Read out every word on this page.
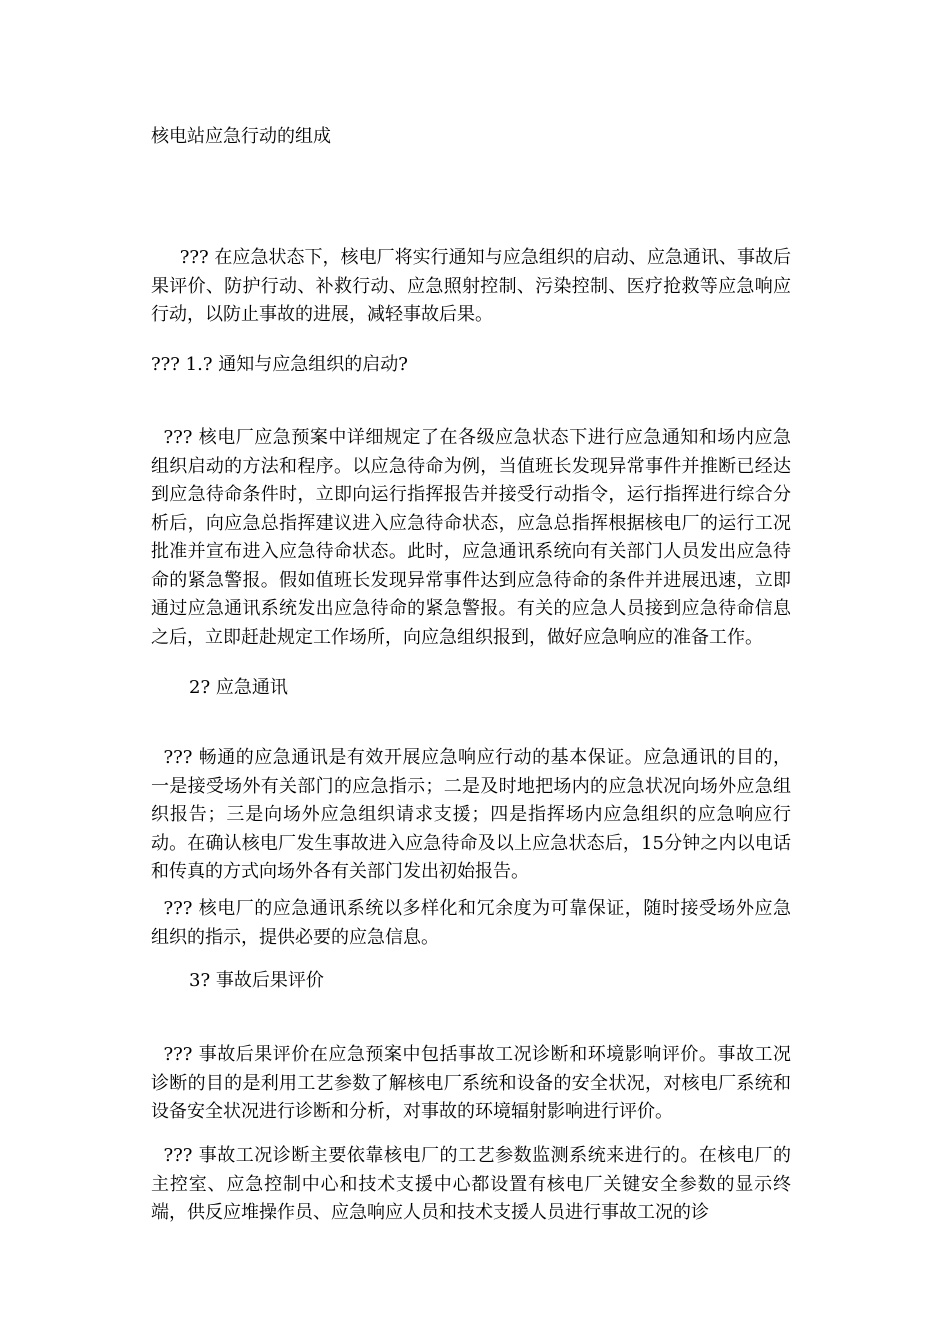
核电站应急行动的组成

??? 在应急状态下，核电厂将实行通知与应急组织的启动、应急通讯、事故后果评价、防护行动、补救行动、应急照射控制、污染控制、医疗抢救等应急响应行动，以防止事故的进展，减轻事故后果。

??? 1.? 通知与应急组织的启动?

??? 核电厂应急预案中详细规定了在各级应急状态下进行应急通知和场内应急组织启动的方法和程序。以应急待命为例，当值班长发现异常事件并推断已经达到应急待命条件时，立即向运行指挥报告并接受行动指令，运行指挥进行综合分析后，向应急总指挥建议进入应急待命状态，应急总指挥根据核电厂的运行工况批准并宣布进入应急待命状态。此时，应急通讯系统向有关部门人员发出应急待命的紧急警报。假如值班长发现异常事件达到应急待命的条件并进展迅速，立即通过应急通讯系统发出应急待命的紧急警报。有关的应急人员接到应急待命信息之后，立即赶赴规定工作场所，向应急组织报到，做好应急响应的准备工作。

2? 应急通讯

??? 畅通的应急通讯是有效开展应急响应行动的基本保证。应急通讯的目的，一是接受场外有关部门的应急指示；二是及时地把场内的应急状况向场外应急组织报告；三是向场外应急组织请求支援；四是指挥场内应急组织的应急响应行动。在确认核电厂发生事故进入应急待命及以上应急状态后，15分钟之内以电话和传真的方式向场外各有关部门发出初始报告。

??? 核电厂的应急通讯系统以多样化和冗余度为可靠保证，随时接受场外应急组织的指示，提供必要的应急信息。

3? 事故后果评价

??? 事故后果评价在应急预案中包括事故工况诊断和环境影响评价。事故工况诊断的目的是利用工艺参数了解核电厂系统和设备的安全状况，对核电厂系统和设备安全状况进行诊断和分析，对事故的环境辐射影响进行评价。

??? 事故工况诊断主要依靠核电厂的工艺参数监测系统来进行的。在核电厂的主控室、应急控制中心和技术支援中心都设置有核电厂关键安全参数的显示终端，供反应堆操作员、应急响应人员和技术支援人员进行事故工况的诊
